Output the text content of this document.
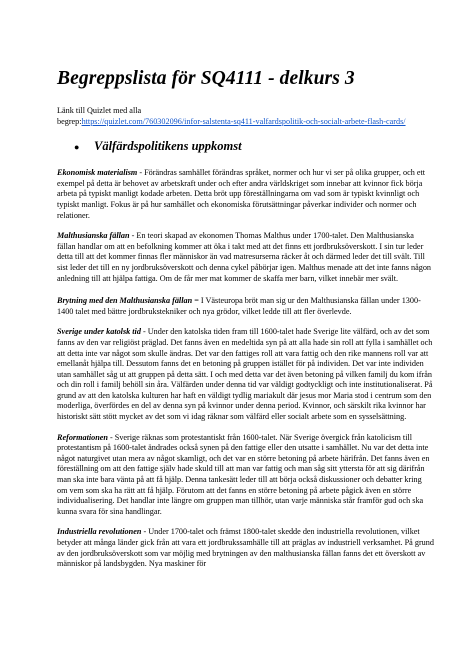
Begreppslista för SQ4111 - delkurs 3
Länk till Quizlet med alla
begrep:https://quizlet.com/760302096/infor-salstenta-sq411-valfardspolitik-och-socialt-arbete-flash-cards/
●	Välfärdspolitikens uppkomst
Ekonomisk materialism - Förändras samhället förändras språket, normer och hur vi ser på olika grupper, och ett exempel på detta är behovet av arbetskraft under och efter andra världskriget som innebar att kvinnor fick börja arbeta på typiskt manligt kodade arbeten. Detta bröt upp föreställningarna om vad som är typiskt kvinnligt och typiskt manligt. Fokus är på hur samhället och ekonomiska förutsättningar påverkar individer och normer och relationer.
Malthusianska fällan - En teori skapad av ekonomen Thomas Malthus under 1700-talet. Den Malthusianska fällan handlar om att en befolkning kommer att öka i takt med att det finns ett jordbruksöverskott. I sin tur leder detta till att det kommer finnas fler människor än vad matresurserna räcker åt och därmed leder det till svält. Till sist leder det till en ny jordbruksöverskott och denna cykel påbörjar igen. Malthus menade att det inte fanns någon anledning till att hjälpa fattiga. Om de får mer mat kommer de skaffa mer barn, vilket innebär mer svält.
Brytning med den Malthusianska fällan = I Västeuropa bröt man sig ur den Malthusianska fällan under 1300-1400 talet med bättre jordbrukstekniker och nya grödor, vilket ledde till att fler överlevde.
Sverige under katolsk tid - Under den katolska tiden fram till 1600-talet hade Sverige lite välfärd, och av det som fanns av den var religiöst präglad. Det fanns även en medeltida syn på att alla hade sin roll att fylla i samhället och att detta inte var något som skulle ändras. Det var den fattiges roll att vara fattig och den rike mannens roll var att emellanåt hjälpa till. Dessutom fanns det en betoning på gruppen istället för på individen. Det var inte individen utan samhället såg ut att gruppen på detta sätt. I och med detta var det även betoning på vilken familj du kom ifrån och din roll i familj behöll sin åra. Välfärden under denna tid var väldigt godtyckligt och inte institutionaliserat. På grund av att den katolska kulturen har haft en väldigt tydlig mariakult där jesus mor Maria stod i centrum som den moderliga, överfördes en del av denna syn på kvinnor under denna period. Kvinnor, och särskilt rika kvinnor har historiskt sätt stött mycket av det som vi idag räknar som välfärd eller socialt arbete som en sysselsättning.
Reformationen - Sverige räknas som protestantiskt från 1600-talet. När Sverige övergick från katolicism till protestantism på 1600-talet ändrades också synen på den fattige eller den utsatte i samhället. Nu var det detta inte något naturgivet utan mera av något skamligt, och det var en större betoning på arbete härifrån. Det fanns även en föreställning om att den fattige själv hade skuld till att man var fattig och man såg sitt yttersta för att sig därifrån man ska inte bara vänta på att få hjälp. Denna tankesätt leder till att börja också diskussioner och debatter kring om vem som ska ha rätt att få hjälp. Förutom att det fanns en större betoning på arbete pågick även en större individualisering. Det handlar inte längre om gruppen man tillhör, utan varje människa står framför gud och ska kunna svara för sina handlingar.
Industriella revolutionen - Under 1700-talet och främst 1800-talet skedde den industriella revolutionen, vilket betyder att många länder gick från att vara ett jordbrukssamhälle till att präglas av industriell verksamhet. På grund av den jordbruksöverskott som var möjlig med brytningen av den malthusianska fällan fanns det ett överskott av människor på landsbygden. Nya maskiner för
